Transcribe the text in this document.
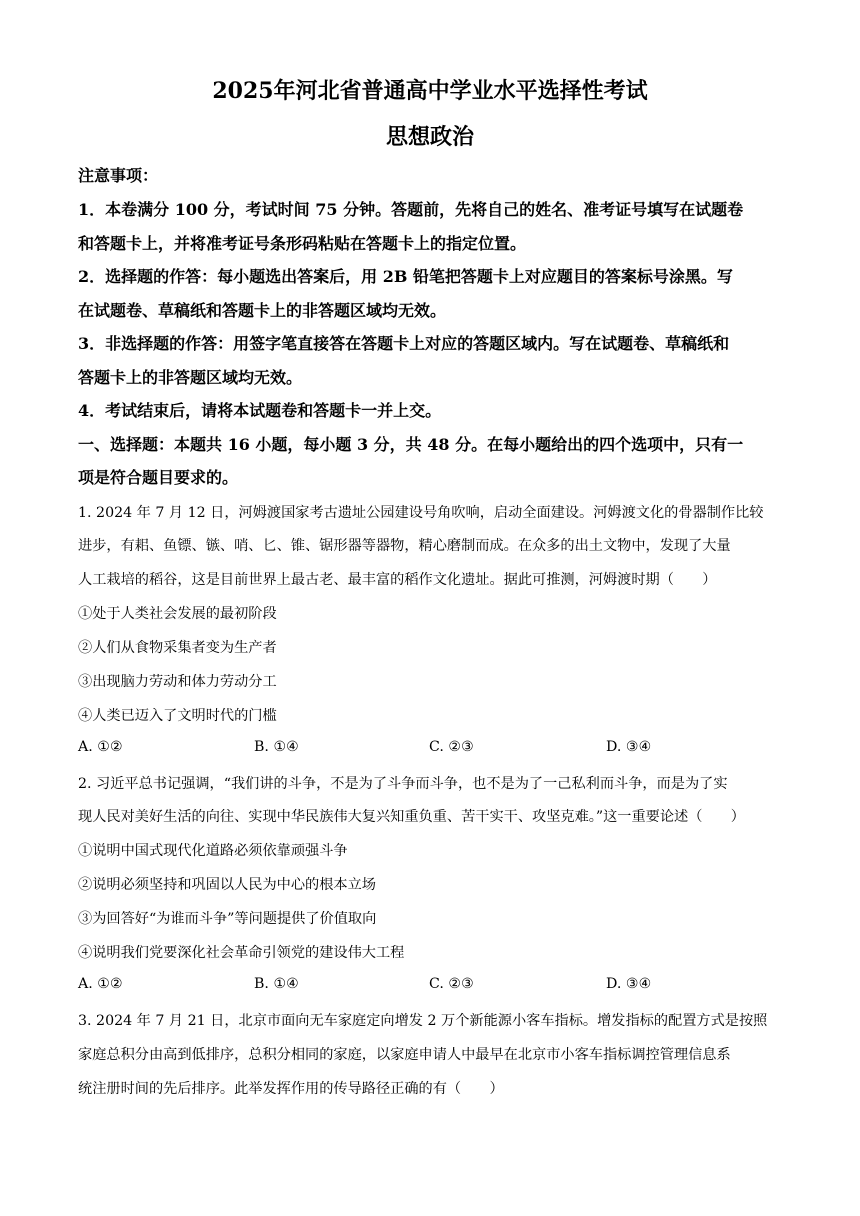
2025年河北省普通高中学业水平选择性考试
思想政治
注意事项：
1．本卷满分 100 分，考试时间 75 分钟。答题前，先将自己的姓名、准考证号填写在试题卷
和答题卡上，并将准考证号条形码粘贴在答题卡上的指定位置。
2．选择题的作答：每小题选出答案后，用 2B 铅笔把答题卡上对应题目的答案标号涂黑。写
在试题卷、草稿纸和答题卡上的非答题区域均无效。
3．非选择题的作答：用签字笔直接答在答题卡上对应的答题区域内。写在试题卷、草稿纸和
答题卡上的非答题区域均无效。
4．考试结束后，请将本试题卷和答题卡一并上交。
一、选择题：本题共 16 小题，每小题 3 分，共 48 分。在每小题给出的四个选项中，只有一
项是符合题目要求的。
1. 2024 年 7 月 12 日，河姆渡国家考古遗址公园建设号角吹响，启动全面建设。河姆渡文化的骨器制作比较
进步，有耜、鱼镖、镞、哨、匕、锥、锯形器等器物，精心磨制而成。在众多的出土文物中，发现了大量
人工栽培的稻谷，这是目前世界上最古老、最丰富的稻作文化遗址。据此可推测，河姆渡时期（　　）
①处于人类社会发展的最初阶段
②人们从食物采集者变为生产者
③出现脑力劳动和体力劳动分工
④人类已迈入了文明时代的门槛
A. ①②	B. ①④	C. ②③	D. ③④
2. 习近平总书记强调，“我们讲的斗争，不是为了斗争而斗争，也不是为了一己私利而斗争，而是为了实
现人民对美好生活的向往、实现中华民族伟大复兴知重负重、苦干实干、攻坚克难。”这一重要论述（　　）
①说明中国式现代化道路必须依靠顽强斗争
②说明必须坚持和巩固以人民为中心的根本立场
③为回答好“为谁而斗争”等问题提供了价值取向
④说明我们党要深化社会革命引领党的建设伟大工程
A. ①②	B. ①④	C. ②③	D. ③④
3. 2024 年 7 月 21 日，北京市面向无车家庭定向增发 2 万个新能源小客车指标。增发指标的配置方式是按照
家庭总积分由高到低排序，总积分相同的家庭，以家庭申请人中最早在北京市小客车指标调控管理信息系
统注册时间的先后排序。此举发挥作用的传导路径正确的有（　　）
